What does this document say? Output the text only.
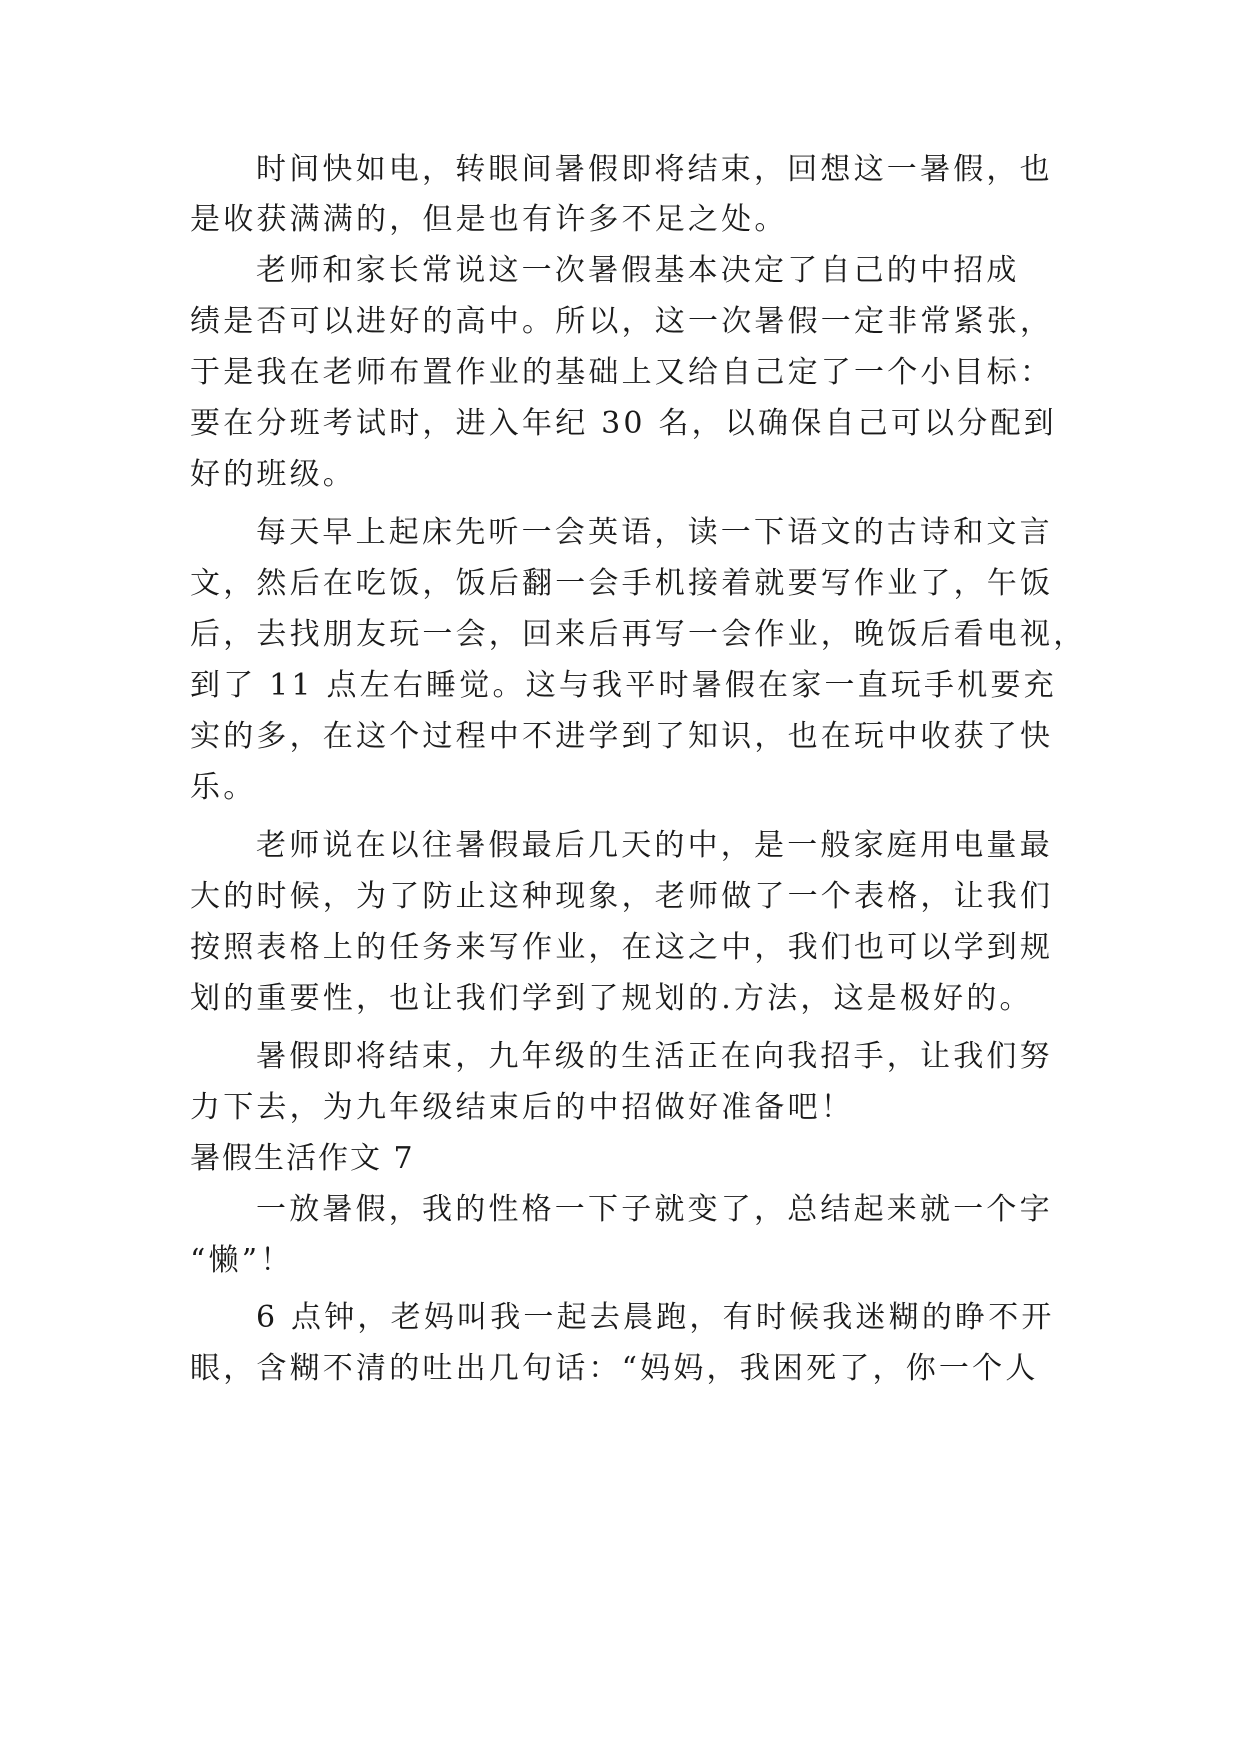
时间快如电，转眼间暑假即将结束，回想这一暑假，也
是收获满满的，但是也有许多不足之处。
老师和家长常说这一次暑假基本决定了自己的中招成
绩是否可以进好的高中。所以，这一次暑假一定非常紧张，
于是我在老师布置作业的基础上又给自己定了一个小目标：
要在分班考试时，进入年纪 30 名，以确保自己可以分配到
好的班级。
每天早上起床先听一会英语，读一下语文的古诗和文言
文，然后在吃饭，饭后翻一会手机接着就要写作业了，午饭
后，去找朋友玩一会，回来后再写一会作业，晚饭后看电视，
到了 11 点左右睡觉。这与我平时暑假在家一直玩手机要充
实的多，在这个过程中不进学到了知识，也在玩中收获了快
乐。
老师说在以往暑假最后几天的中，是一般家庭用电量最
大的时候，为了防止这种现象，老师做了一个表格，让我们
按照表格上的任务来写作业，在这之中，我们也可以学到规
划的重要性，也让我们学到了规划的.方法，这是极好的。
暑假即将结束，九年级的生活正在向我招手，让我们努
力下去，为九年级结束后的中招做好准备吧！
暑假生活作文 7
一放暑假，我的性格一下子就变了，总结起来就一个字
“懒”！
6 点钟，老妈叫我一起去晨跑，有时候我迷糊的睁不开
眼，含糊不清的吐出几句话：“妈妈，我困死了，你一个人
